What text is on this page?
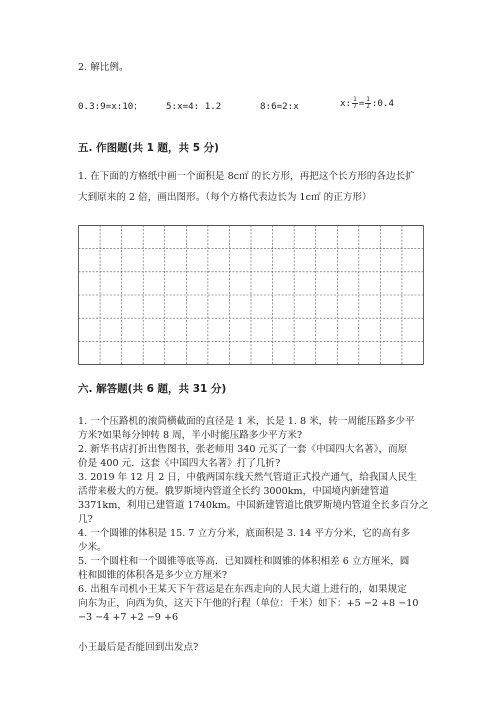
2. 解比例。
0.3:9=x:10；	5:x=4: 1.2	8:6=2:x	x: $\frac{1}{7} = \frac{1}{2}$ :0.4
五. 作图题(共 1 题，共 5 分)
1. 在下面的方格纸中画一个面积是 8c㎡ 的长方形，再把这个长方形的各边长扩
大到原来的 2 倍，画出图形。（每个方格代表边长为 1c㎡ 的正方形）
六. 解答题(共 6 题，共 31 分)
1. 一个压路机的滚筒横截面的直径是 1 米，长是 1. 8 米，转一周能压路多少平
方米?如果每分钟转 8 周，半小时能压路多少平方米?
2. 新华书店打折出售图书，张老师用 340 元买了一套《中国四大名著》，而原
价是 400 元．这套《中国四大名著》打了几折?
3. 2019 年 12 月 2 日，中俄两国东线天然气管道正式投产通气，给我国人民生
活带来极大的方便。俄罗斯境内管道全长约 3000km，中国境内新建管道
3371km，利用已建管道 1740km。中国新建管道比俄罗斯境内管道全长多百分之
几?
4. 一个圆锥的体积是 15. 7 立方分米，底面积是 3. 14 平方分米，它的高有多
少米。
5. 一个圆柱和一个圆锥等底等高．已知圆柱和圆锥的体积相差 6 立方厘米，圆
柱和圆锥的体积各是多少立方厘米?
6. 出租车司机小王某天下午营运是在东西走向的人民大道上进行的，如果规定
向东为正，向西为负，这天下午他的行程（单位：千米）如下：+5 −2 +8 −10
−3 −4 +7 +2 −9 +6
小王最后是否能回到出发点?
